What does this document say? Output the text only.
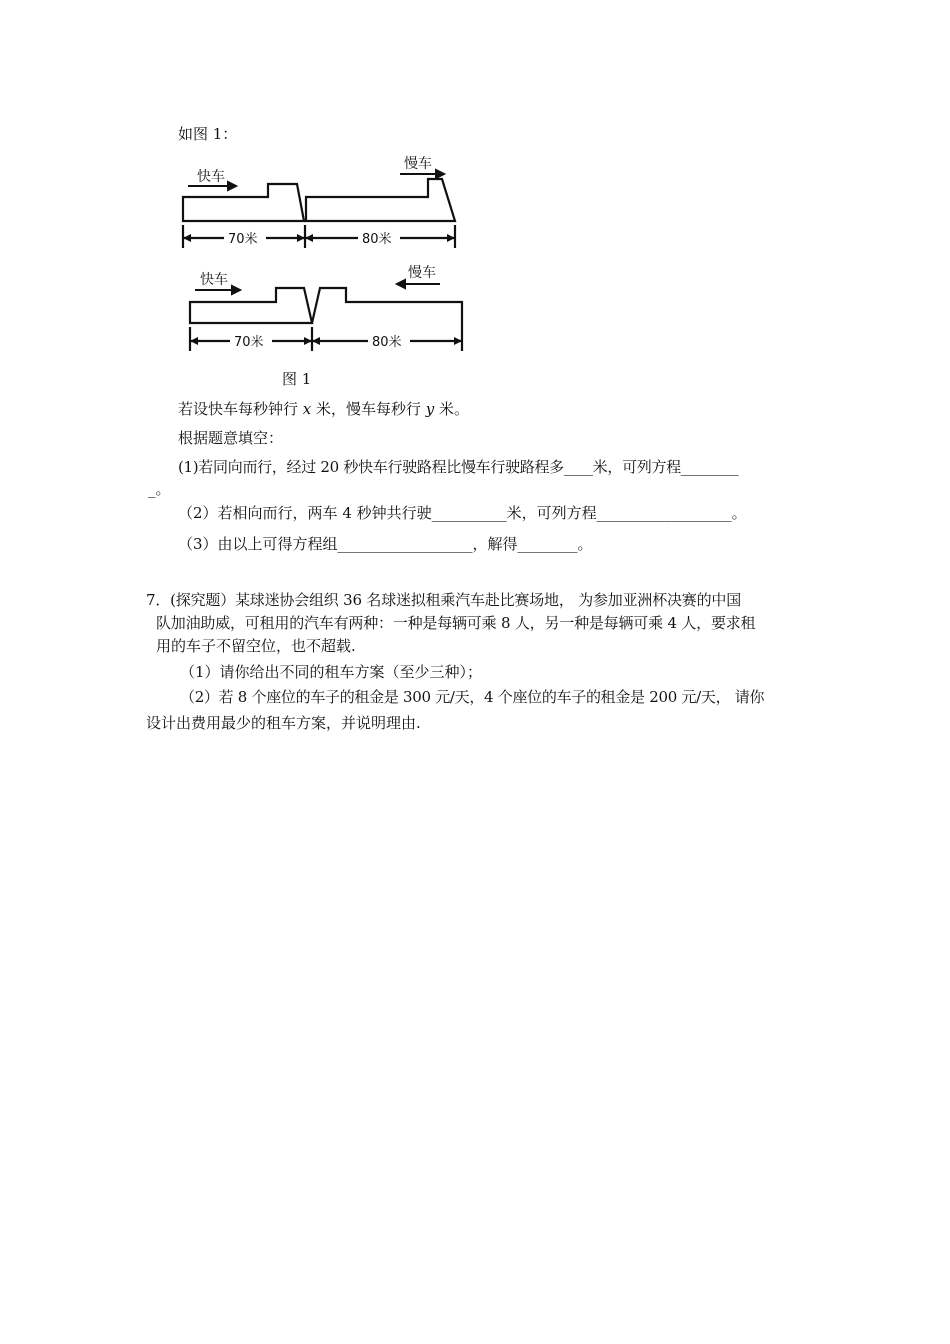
如图 1：
快车
慢车
70米	80米
快车	慢车
70米	80米
图 1
若设快车每秒钟行 x 米，慢车每秒行 y 米。
根据题意填空：
(1)若同向而行，经过 20 秒快车行驶路程比慢车行驶路程多____米，可列方程________
_。
（2）若相向而行，两车 4 秒钟共行驶__________米，可列方程__________________。
（3）由以上可得方程组__________________，解得________。
7．(探究题）某球迷协会组织 36 名球迷拟租乘汽车赴比赛场地， 为参加亚洲杯决赛的中国
队加油助威，可租用的汽车有两种：一种是每辆可乘 8 人，另一种是每辆可乘 4 人，要求租
用的车子不留空位，也不超载.
（1）请你给出不同的租车方案（至少三种）；
（2）若 8 个座位的车子的租金是 300 元/天，4 个座位的车子的租金是 200 元/天， 请你
设计出费用最少的租车方案，并说明理由.
